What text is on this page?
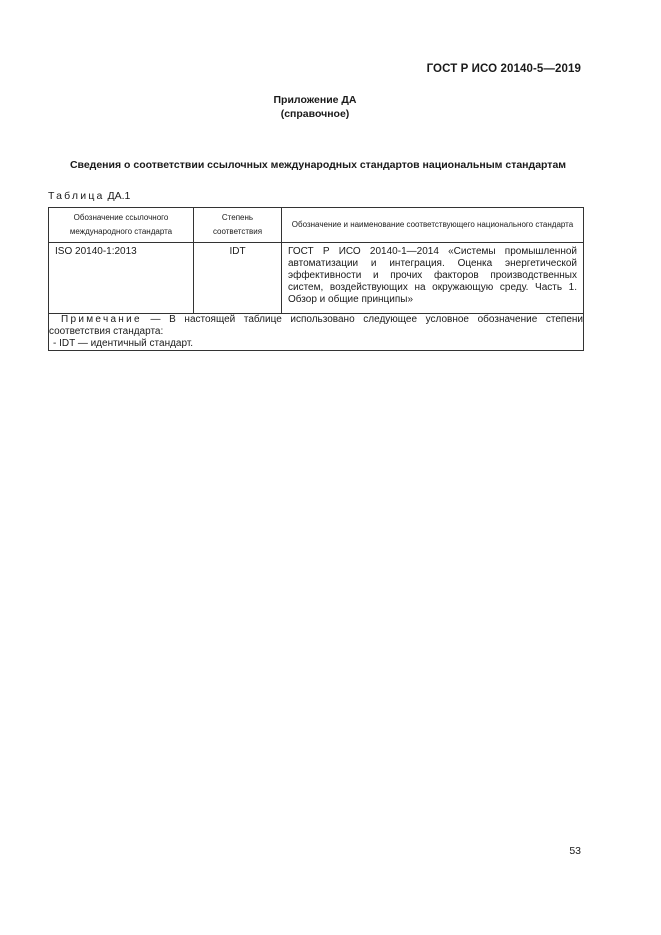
ГОСТ Р ИСО 20140-5—2019
Приложение ДА
(справочное)
Сведения о соответствии ссылочных международных стандартов национальным стандартам
Таблица ДА.1
Обозначение ссылочного международного стандарта	Степень соответствия	Обозначение и наименование соответствующего национального стандарта
ISO 20140-1:2013	IDT	ГОСТ Р ИСО 20140-1—2014 «Системы промышленной автоматизации и интеграция. Оценка энергетической эффективности и прочих факторов производственных систем, воздействующих на окружающую среду. Часть 1. Обзор и общие принципы»

Примечание — В настоящей таблице использовано следующее условное обозначение степени соответствия стандарта:
- IDT — идентичный стандарт.		
53
